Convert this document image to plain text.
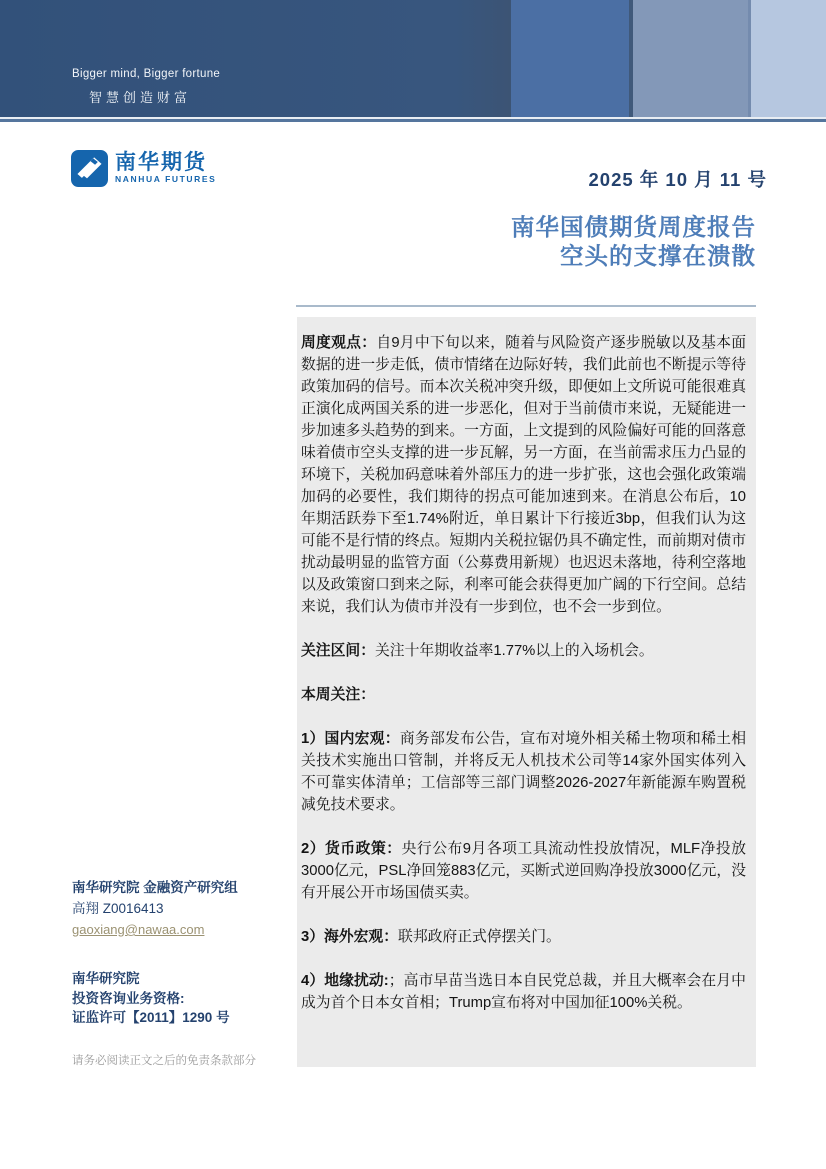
Bigger mind, Bigger fortune
智慧创造财富
南华期货
NANHUA FUTURES	2025 年 10 月 11 号
南华国债期货周度报告
空头的支撑在溃散

周度观点：自9月中下旬以来，随着与风险资产逐步脱敏以及基本面数据的进一步走低，债市情绪在边际好转，我们此前也不断提示等待政策加码的信号。而本次关税冲突升级，即便如上文所说可能很难真正演化成两国关系的进一步恶化，但对于当前债市来说，无疑能进一步加速多头趋势的到来。一方面，上文提到的风险偏好可能的回落意味着债市空头支撑的进一步瓦解，另一方面，在当前需求压力凸显的环境下，关税加码意味着外部压力的进一步扩张，这也会强化政策端加码的必要性，我们期待的拐点可能加速到来。在消息公布后，10年期活跃券下至1.74%附近，单日累计下行接近3bp，但我们认为这可能不是行情的终点。短期内关税拉锯仍具不确定性，而前期对债市扰动最明显的监管方面（公募费用新规）也迟迟未落地，待利空落地以及政策窗口到来之际，利率可能会获得更加广阔的下行空间。总结来说，我们认为债市并没有一步到位，也不会一步到位。

关注区间：关注十年期收益率1.77%以上的入场机会。

本周关注：

1）国内宏观：商务部发布公告，宣布对境外相关稀土物项和稀土相关技术实施出口管制，并将反无人机技术公司等14家外国实体列入不可靠实体清单；工信部等三部门调整2026-2027年新能源车购置税减免技术要求。

2）货币政策：央行公布9月各项工具流动性投放情况，MLF净投放3000亿元，PSL净回笼883亿元，买断式逆回购净投放3000亿元，没有开展公开市场国债买卖。

3）海外宏观：联邦政府正式停摆关门。

4）地缘扰动:；高市早苗当选日本自民党总裁，并且大概率会在月中成为首个日本女首相；Trump宣布将对中国加征100%关税。

南华研究院 金融资产研究组
高翔 Z0016413
gaoxiang@nawaa.com
南华研究院
投资咨询业务资格:
证监许可【2011】1290 号
请务必阅读正文之后的免责条款部分
